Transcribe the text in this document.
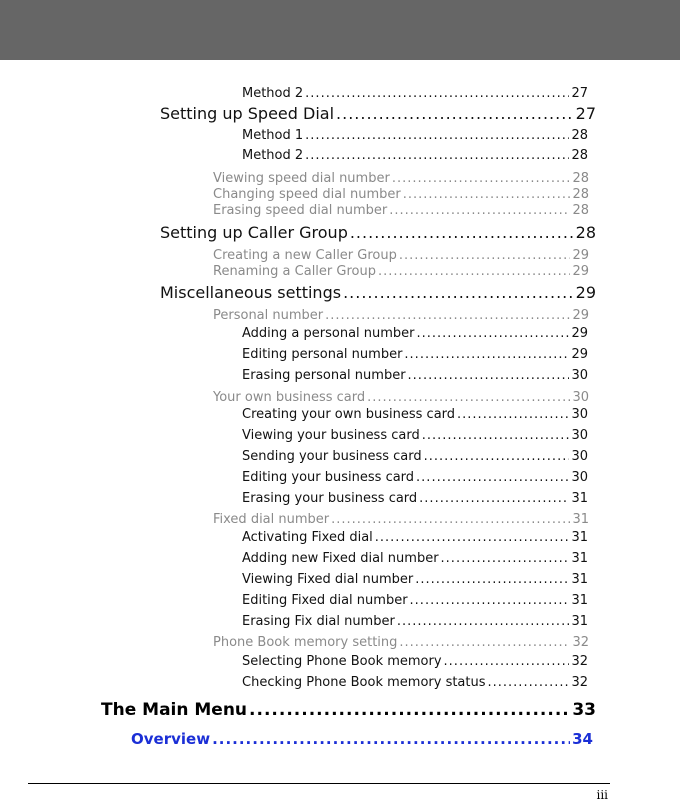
Method 2 .....	27
Setting up Speed Dial .....	27
Method 1 .....	28
Method 2 .....	28
Viewing speed dial number .....	28
Changing speed dial number .....	28
Erasing speed dial number .....	28
Setting up Caller Group .....	28
Creating a new Caller Group .....	29
Renaming a Caller Group .....	29
Miscellaneous settings .....	29
Personal number .....	29
Adding a personal number .....	29
Editing personal number .....	29
Erasing personal number .....	30
Your own business card .....	30
Creating your own business card .....	30
Viewing your business card .....	30
Sending your business card .....	30
Editing your business card .....	30
Erasing your business card .....	31
Fixed dial number .....	31
Activating Fixed dial .....	31
Adding new Fixed dial number .....	31
Viewing Fixed dial number .....	31
Editing Fixed dial number .....	31
Erasing Fix dial number .....	31
Phone Book memory setting .....	32
Selecting Phone Book memory .....	32
Checking Phone Book memory status .....	32
The Main Menu .....	33
Overview .....	34
iii
